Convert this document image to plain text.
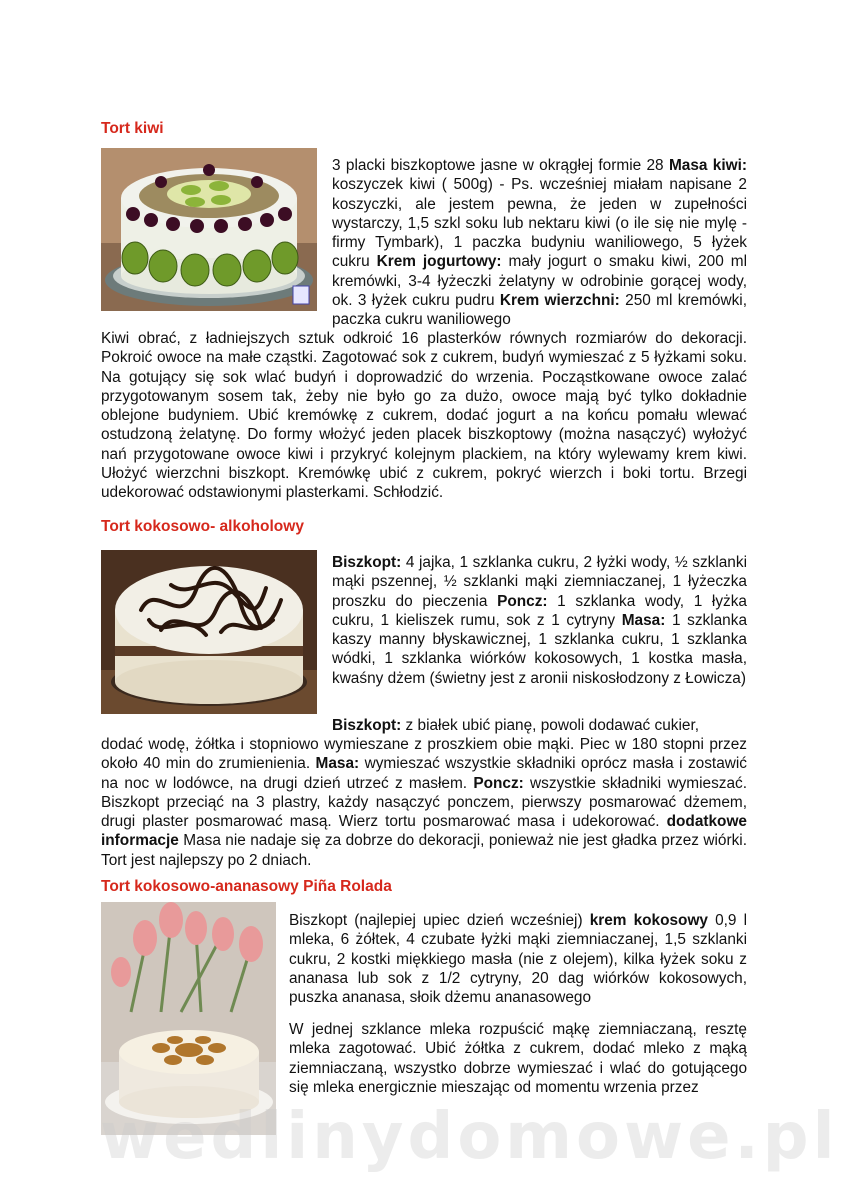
Tort kiwi

3 placki biszkoptowe jasne w okrągłej formie 28 Masa kiwi: koszyczek kiwi ( 500g) - Ps. wcześniej miałam napisane 2 koszyczki, ale jestem pewna, że jeden w zupełności wystarczy, 1,5 szkl soku lub nektaru kiwi (o ile się nie mylę - firmy Tymbark), 1 paczka budyniu waniliowego, 5 łyżek cukru Krem jogurtowy: mały jogurt o smaku kiwi, 200 ml kremówki, 3-4 łyżeczki żelatyny w odrobinie gorącej wody, ok. 3 łyżek cukru pudru Krem wierzchni: 250 ml kremówki, paczka cukru waniliowego

Kiwi obrać, z ładniejszych sztuk odkroić 16 plasterków równych rozmiarów do dekoracji. Pokroić owoce na małe cząstki. Zagotować sok z cukrem, budyń wymieszać z 5 łyżkami soku. Na gotujący się sok wlać budyń i doprowadzić do wrzenia. Począstkowane owoce zalać przygotowanym sosem tak, żeby nie było go za dużo, owoce mają być tylko dokładnie oblejone budyniem. Ubić kremówkę z cukrem, dodać jogurt a na końcu pomału wlewać ostudzoną żelatynę. Do formy włożyć jeden placek biszkoptowy (można nasączyć) wyłożyć nań przygotowane owoce kiwi i przykryć kolejnym plackiem, na który wylewamy krem kiwi. Ułożyć wierzchni biszkopt. Kremówkę ubić z cukrem, pokryć wierzch i boki tortu. Brzegi udekorować odstawionymi plasterkami. Schłodzić.

Tort kokosowo- alkoholowy

Biszkopt: 4 jajka, 1 szklanka cukru, 2 łyżki wody, ½ szklanki mąki pszennej, ½ szklanki mąki ziemniaczanej, 1 łyżeczka proszku do pieczenia Poncz: 1 szklanka wody, 1 łyżka cukru, 1 kieliszek rumu, sok z 1 cytryny Masa: 1 szklanka kaszy manny błyskawicznej, 1 szklanka cukru, 1 szklanka wódki, 1 szklanka wiórków kokosowych, 1 kostka masła, kwaśny dżem (świetny jest z aronii niskosłodzony z Łowicza)

Biszkopt: z białek ubić pianę, powoli dodawać cukier,

dodać wodę, żółtka i stopniowo wymieszane z proszkiem obie mąki. Piec w 180 stopni przez około 40 min do zrumienienia. Masa: wymieszać wszystkie składniki oprócz masła i zostawić na noc w lodówce, na drugi dzień utrzeć z masłem. Poncz: wszystkie składniki wymieszać. Biszkopt przeciąć na 3 plastry, każdy nasączyć ponczem, pierwszy posmarować dżemem, drugi plaster posmarować masą. Wierz tortu posmarować masa i udekorować. dodatkowe informacje Masa nie nadaje się za dobrze do dekoracji, ponieważ nie jest gładka przez wiórki. Tort jest najlepszy po 2 dniach.

Tort kokosowo-ananasowy Piña Rolada

Biszkopt (najlepiej upiec dzień wcześniej) krem kokosowy 0,9 l mleka, 6 żółtek, 4 czubate łyżki mąki ziemniaczanej, 1,5 szklanki cukru, 2 kostki miękkiego masła (nie z olejem), kilka łyżek soku z ananasa lub sok z 1/2 cytryny, 20 dag wiórków kokosowych, puszka ananasa, słoik dżemu ananasowego

W jednej szklance mleka rozpuścić mąkę ziemniaczaną, resztę mleka zagotować. Ubić żółtka z cukrem, dodać mleko z mąką ziemniaczaną, wszystko dobrze wymieszać i wlać do gotującego się mleka energicznie mieszając od momentu wrzenia przez

wedlinydomowe.pl
